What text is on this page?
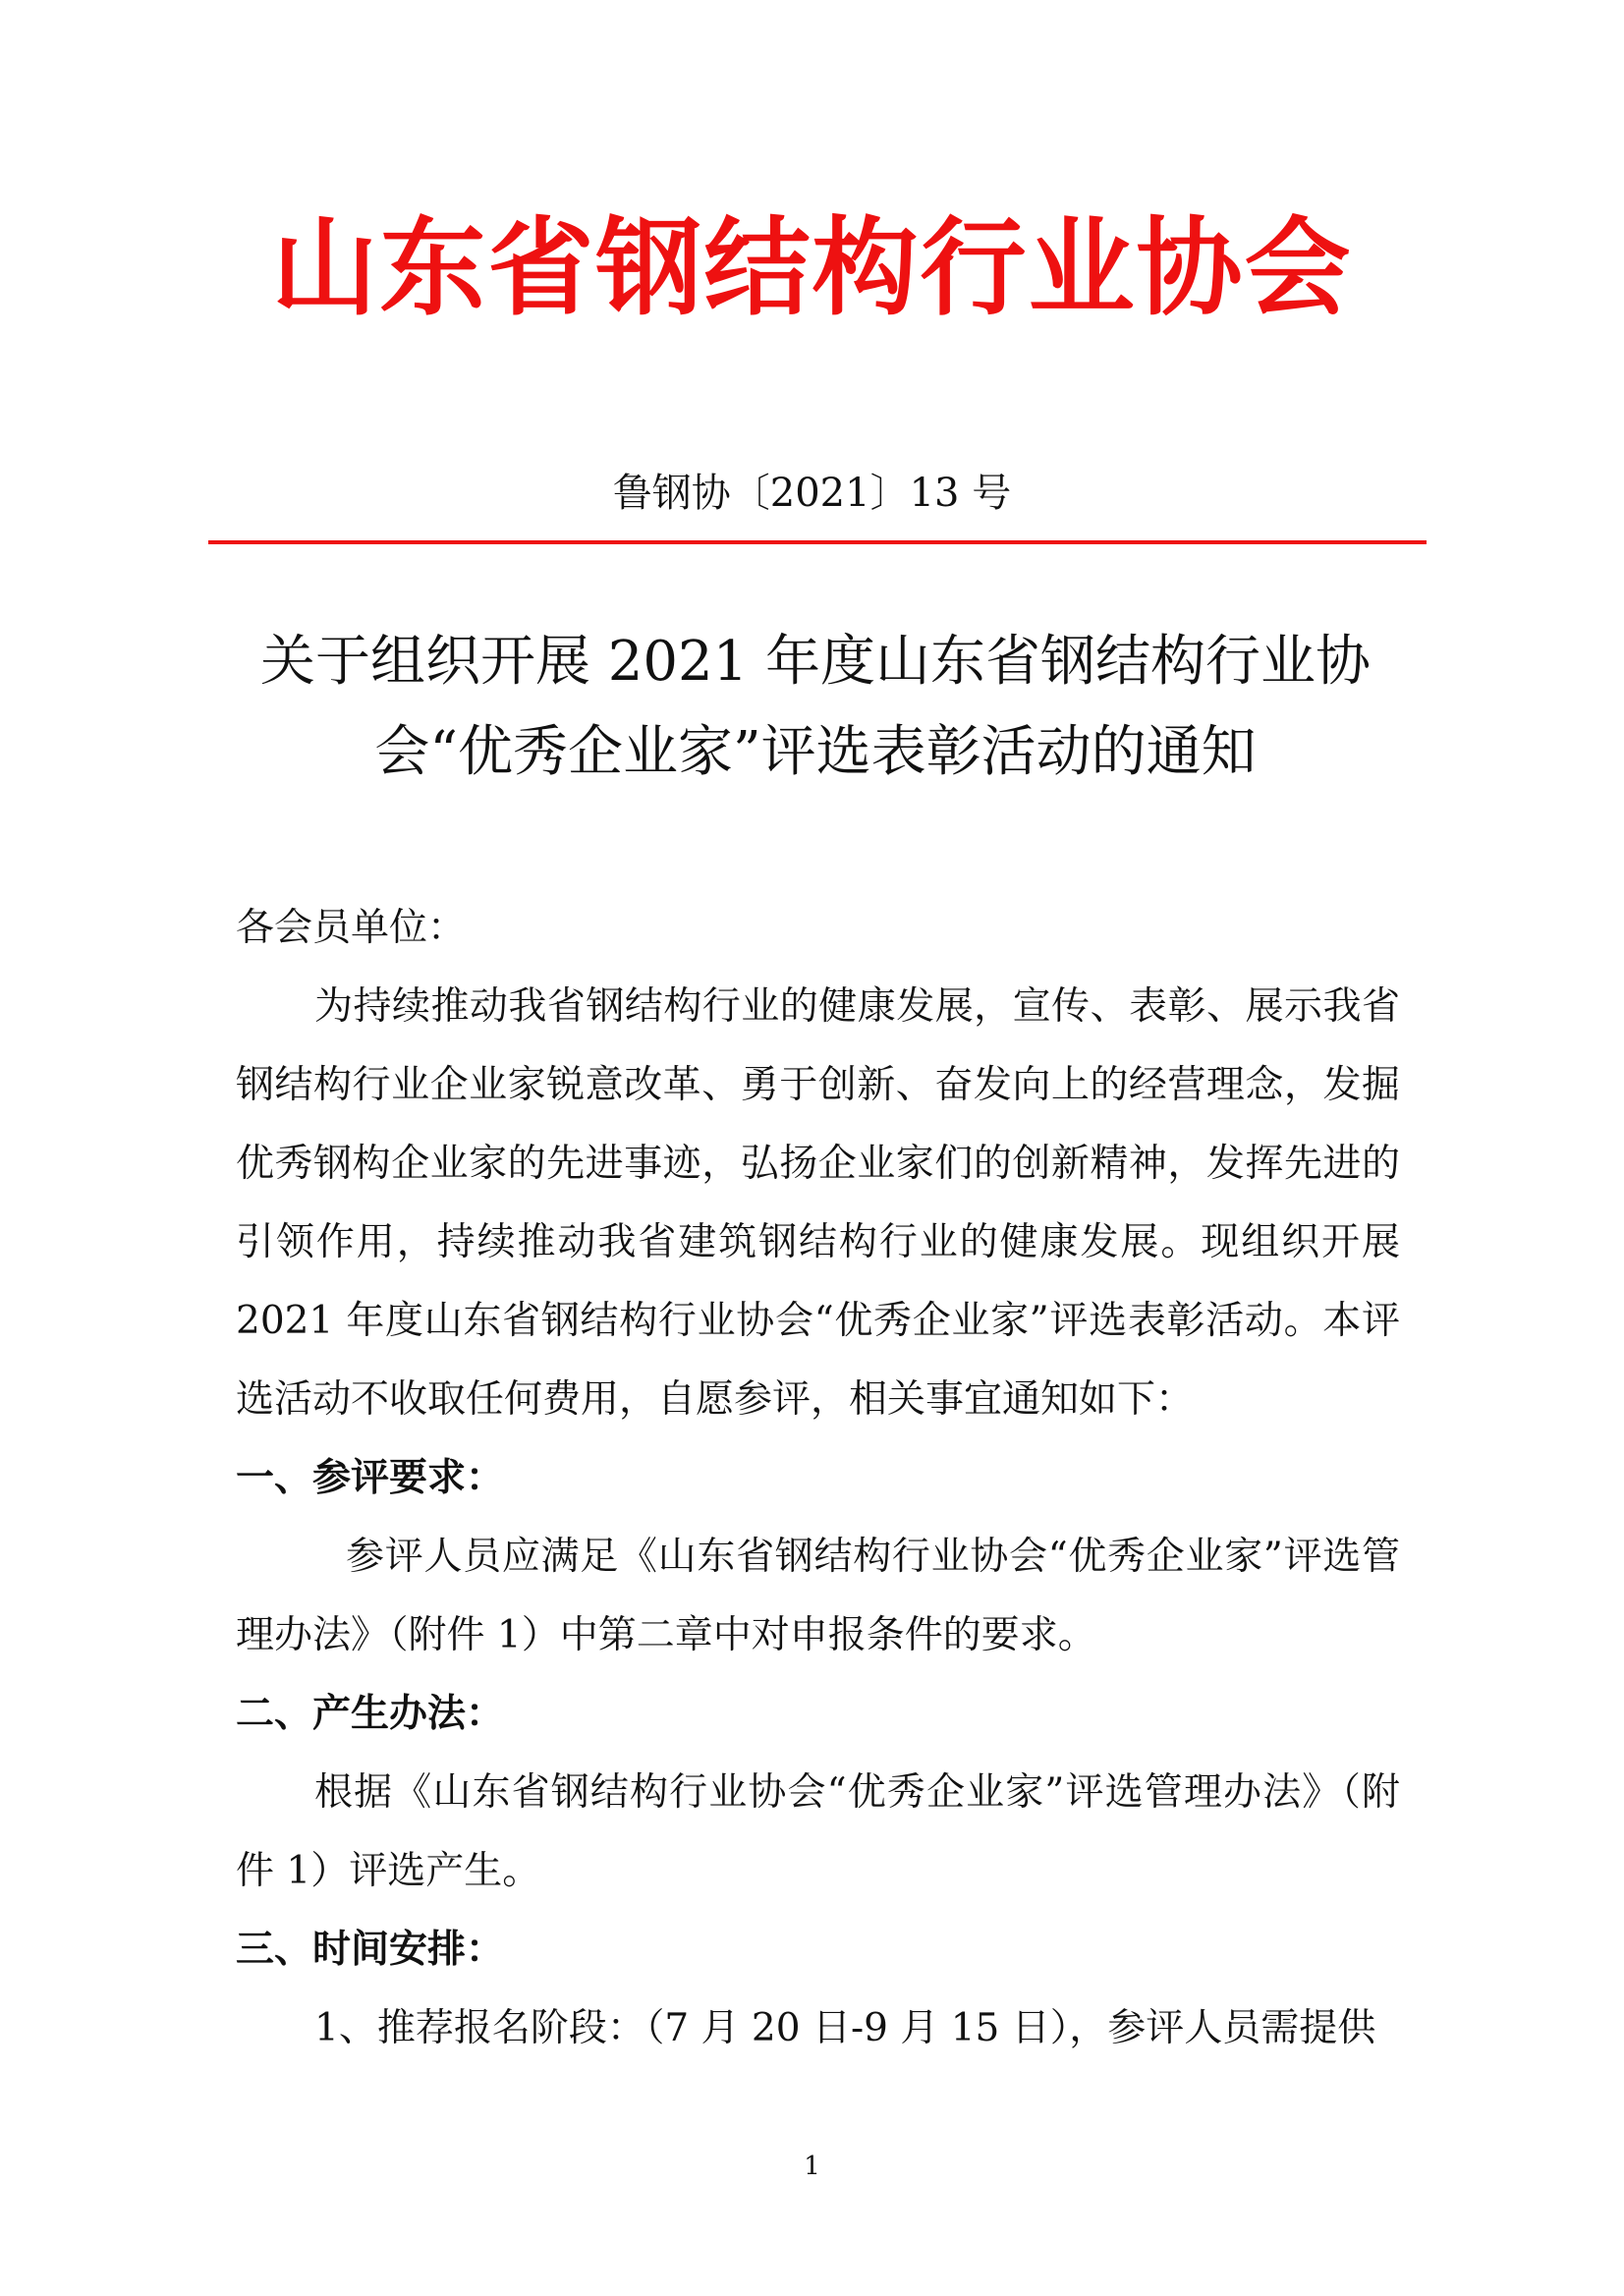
山东省钢结构行业协会
鲁钢协〔2021〕13 号
关于组织开展 2021 年度山东省钢结构行业协
会“优秀企业家”评选表彰活动的通知

各会员单位：

为持续推动我省钢结构行业的健康发展，宣传、表彰、展示我省钢结构行业企业家锐意改革、勇于创新、奋发向上的经营理念，发掘优秀钢构企业家的先进事迹，弘扬企业家们的创新精神，发挥先进的引领作用，持续推动我省建筑钢结构行业的健康发展。现组织开展 2021 年度山东省钢结构行业协会“优秀企业家”评选表彰活动。本评选活动不收取任何费用，自愿参评，相关事宜通知如下：

一、参评要求：

参评人员应满足《山东省钢结构行业协会“优秀企业家”评选管理办法》（附件 1）中第二章中对申报条件的要求。

二、产生办法：

根据《山东省钢结构行业协会“优秀企业家”评选管理办法》（附件 1）评选产生。

三、时间安排：

1、推荐报名阶段：（7 月 20 日-9 月 15 日），参评人员需提供

1
